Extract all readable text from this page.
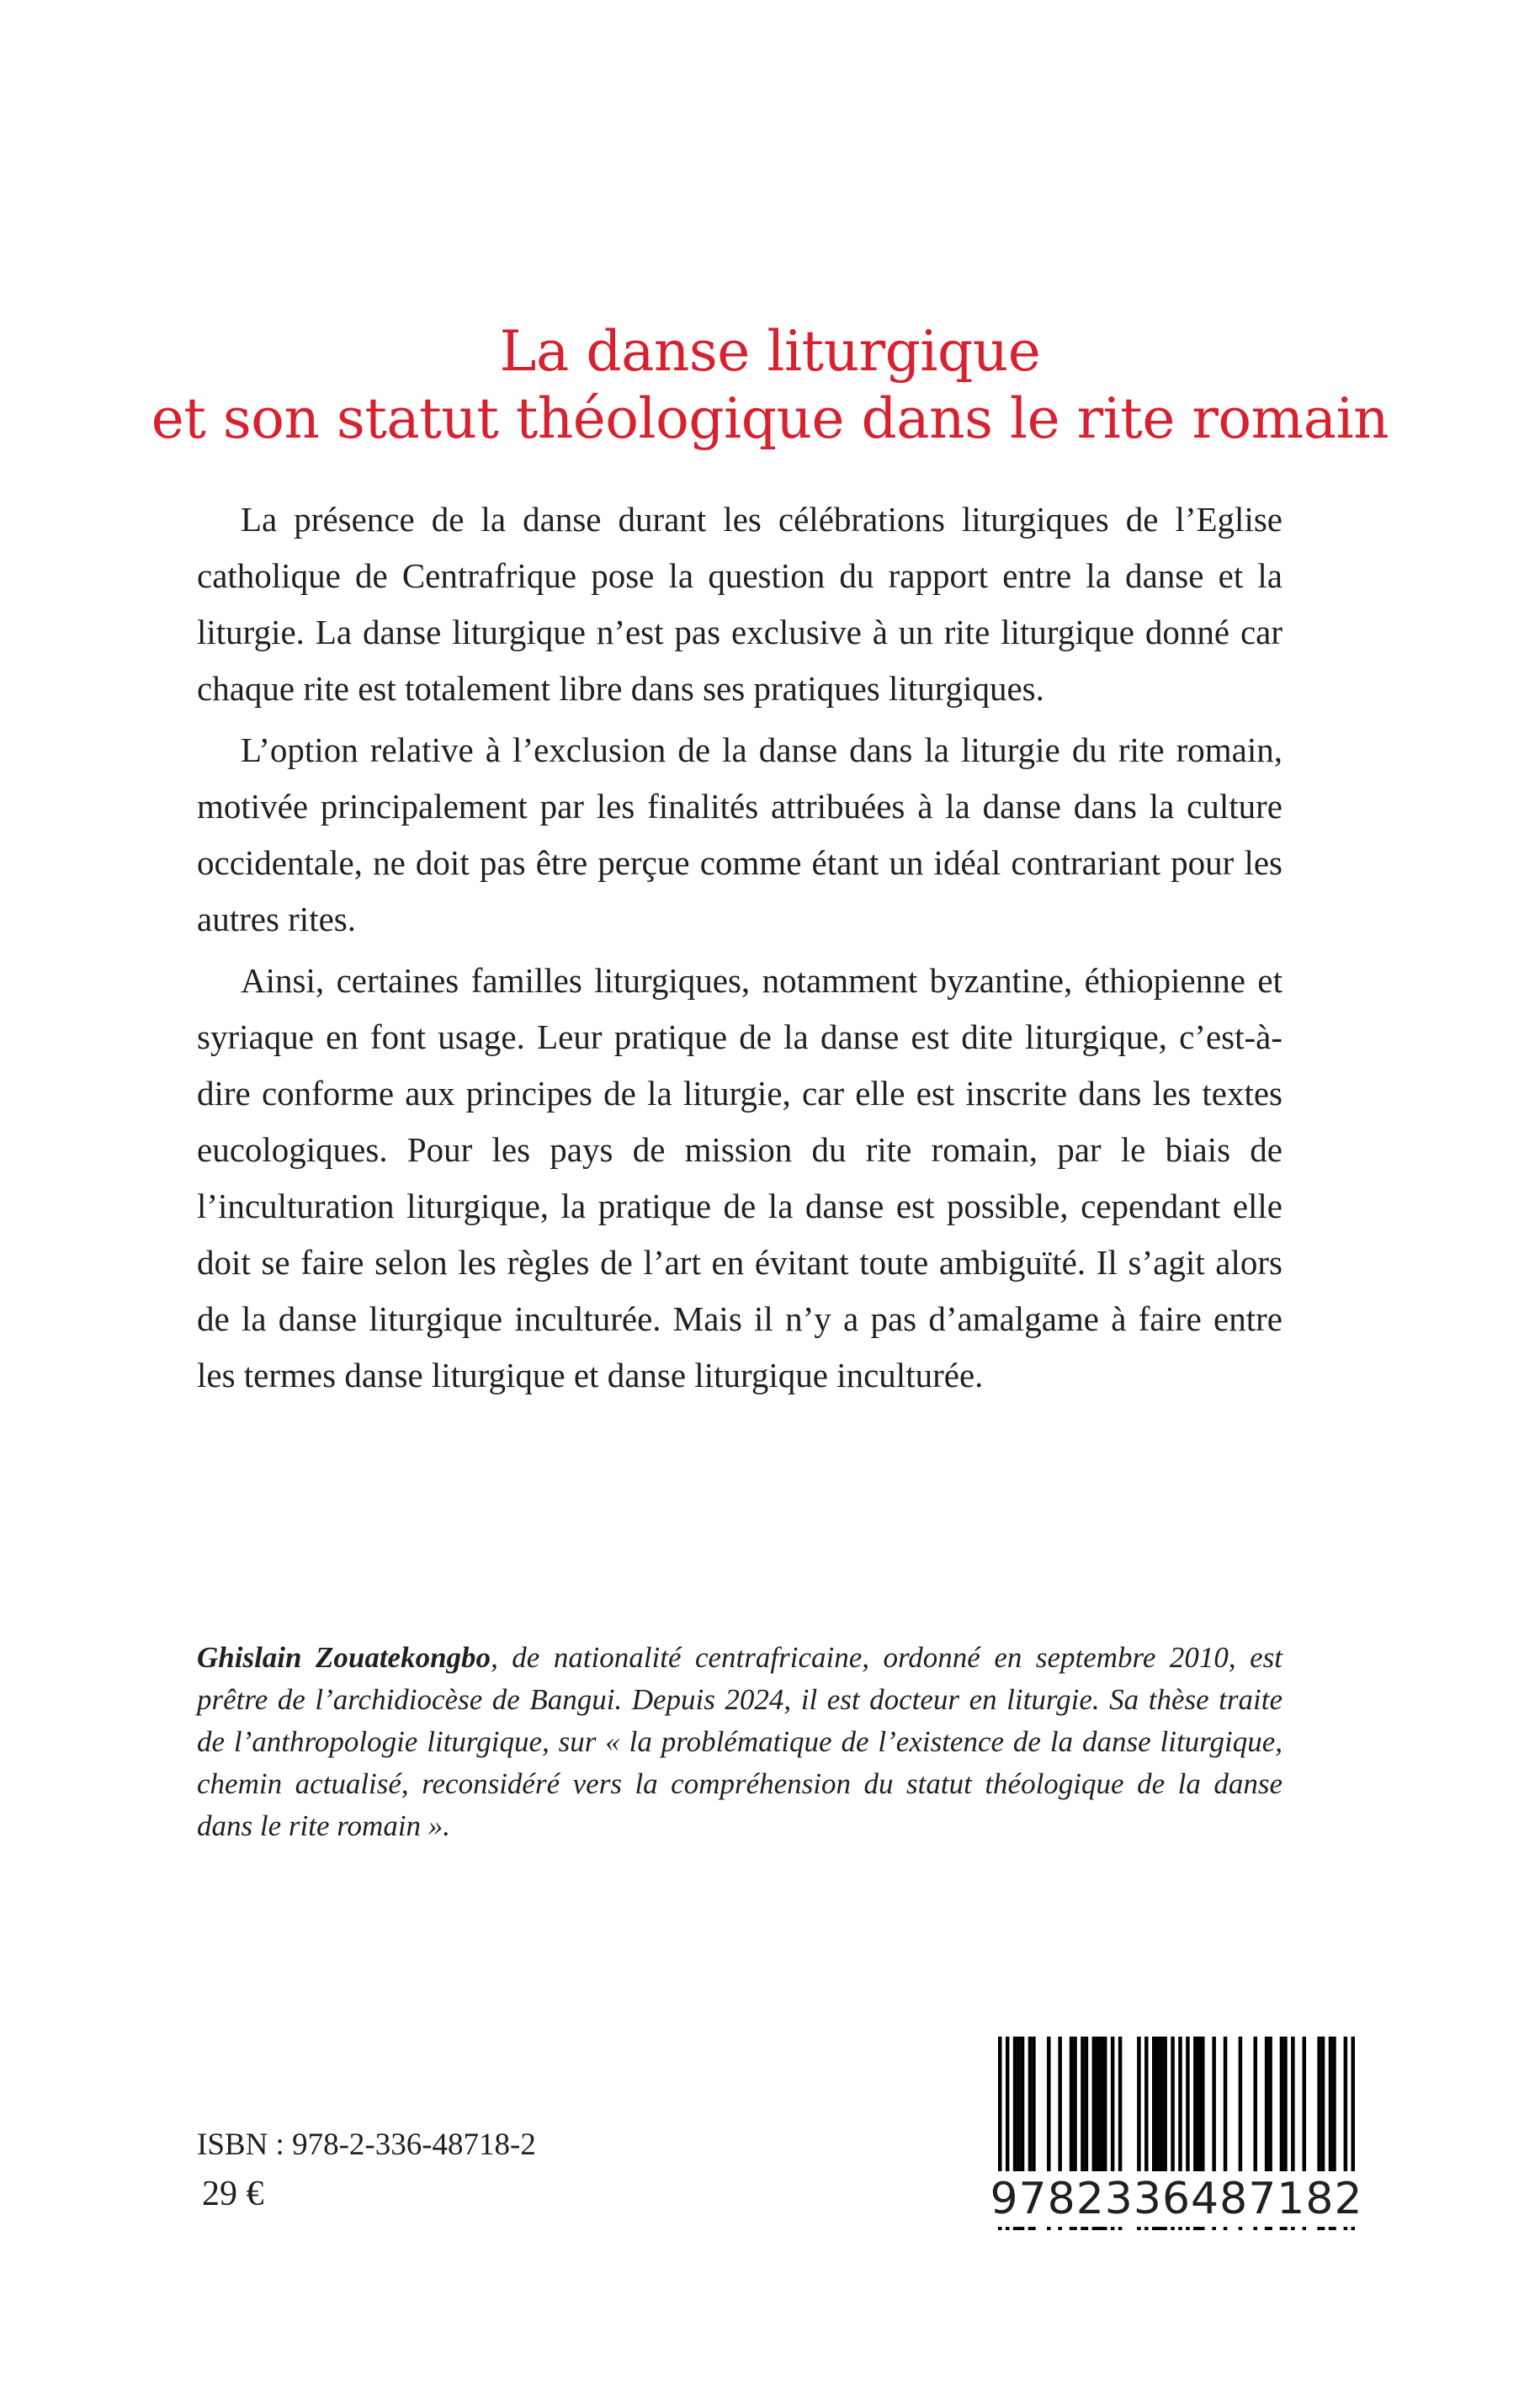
La danse liturgique
et son statut théologique dans le rite romain

La présence de la danse durant les célébrations liturgiques de l’Eglise catholique de Centrafrique pose la question du rapport entre la danse et la liturgie. La danse liturgique n’est pas exclusive à un rite liturgique donné car chaque rite est totalement libre dans ses pratiques liturgiques.

L’option relative à l’exclusion de la danse dans la liturgie du rite romain, motivée principalement par les finalités attribuées à la danse dans la culture occidentale, ne doit pas être perçue comme étant un idéal contrariant pour les autres rites.

Ainsi, certaines familles liturgiques, notamment byzantine, éthiopienne et syriaque en font usage. Leur pratique de la danse est dite liturgique, c’est-à-dire conforme aux principes de la liturgie, car elle est inscrite dans les textes eucologiques. Pour les pays de mission du rite romain, par le biais de l’inculturation liturgique, la pratique de la danse est possible, cependant elle doit se faire selon les règles de l’art en évitant toute ambiguïté. Il s’agit alors de la danse liturgique inculturée. Mais il n’y a pas d’amalgame à faire entre les termes danse liturgique et danse liturgique inculturée.

Ghislain Zouatekongbo, de nationalité centrafricaine, ordonné en septembre 2010, est prêtre de l’archidiocèse de Bangui. Depuis 2024, il est docteur en liturgie. Sa thèse traite de l’anthropologie liturgique, sur « la problématique de l’existence de la danse liturgique, chemin actualisé, reconsidéré vers la compréhension du statut théologique de la danse dans le rite romain ».
ISBN : 978-2-336-48718-2
29 €	9782336487182
